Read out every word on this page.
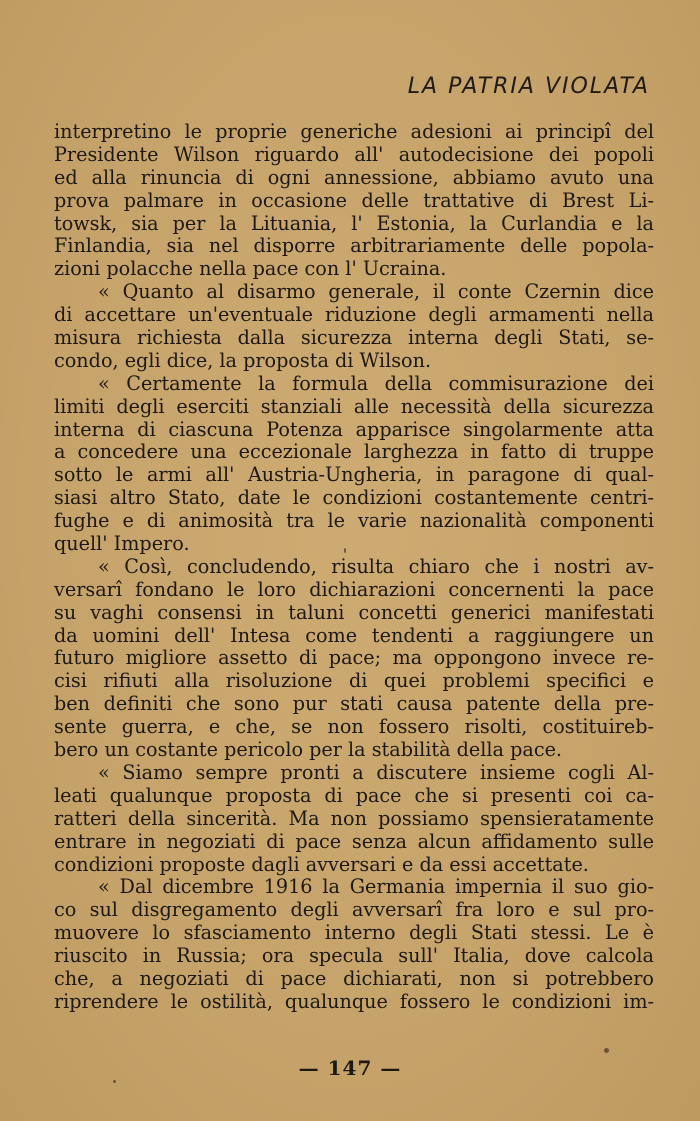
LA PATRIA VIOLATA
interpretino le proprie generiche adesioni ai principî del
Presidente Wilson riguardo all' autodecisione dei popoli
ed alla rinuncia di ogni annessione, abbiamo avuto una
prova palmare in occasione delle trattative di Brest Li-
towsk, sia per la Lituania, l' Estonia, la Curlandia e la
Finlandia, sia nel disporre arbitrariamente delle popola-
zioni polacche nella pace con l' Ucraina.
« Quanto al disarmo generale, il conte Czernin dice
di accettare un'eventuale riduzione degli armamenti nella
misura richiesta dalla sicurezza interna degli Stati, se-
condo, egli dice, la proposta di Wilson.
« Certamente la formula della commisurazione dei
limiti degli eserciti stanziali alle necessità della sicurezza
interna di ciascuna Potenza apparisce singolarmente atta
a concedere una eccezionale larghezza in fatto di truppe
sotto le armi all' Austria-Ungheria, in paragone di qual-
siasi altro Stato, date le condizioni costantemente centri-
fughe e di animosità tra le varie nazionalità componenti
quell' Impero.
« Così, concludendo, risulta chiaro che i nostri av-
versarî fondano le loro dichiarazioni concernenti la pace
su vaghi consensi in taluni concetti generici manifestati
da uomini dell' Intesa come tendenti a raggiungere un
futuro migliore assetto di pace; ma oppongono invece re-
cisi rifiuti alla risoluzione di quei problemi specifici e
ben definiti che sono pur stati causa patente della pre-
sente guerra, e che, se non fossero risolti, costituireb-
bero un costante pericolo per la stabilità della pace.
« Siamo sempre pronti a discutere insieme cogli Al-
leati qualunque proposta di pace che si presenti coi ca-
ratteri della sincerità. Ma non possiamo spensieratamente
entrare in negoziati di pace senza alcun affidamento sulle
condizioni proposte dagli avversari e da essi accettate.
« Dal dicembre 1916 la Germania impernia il suo gio-
co sul disgregamento degli avversarî fra loro e sul pro-
muovere lo sfasciamento interno degli Stati stessi. Le è
riuscito in Russia; ora specula sull' Italia, dove calcola
che, a negoziati di pace dichiarati, non si potrebbero
riprendere le ostilità, qualunque fossero le condizioni im-
— 147 —
